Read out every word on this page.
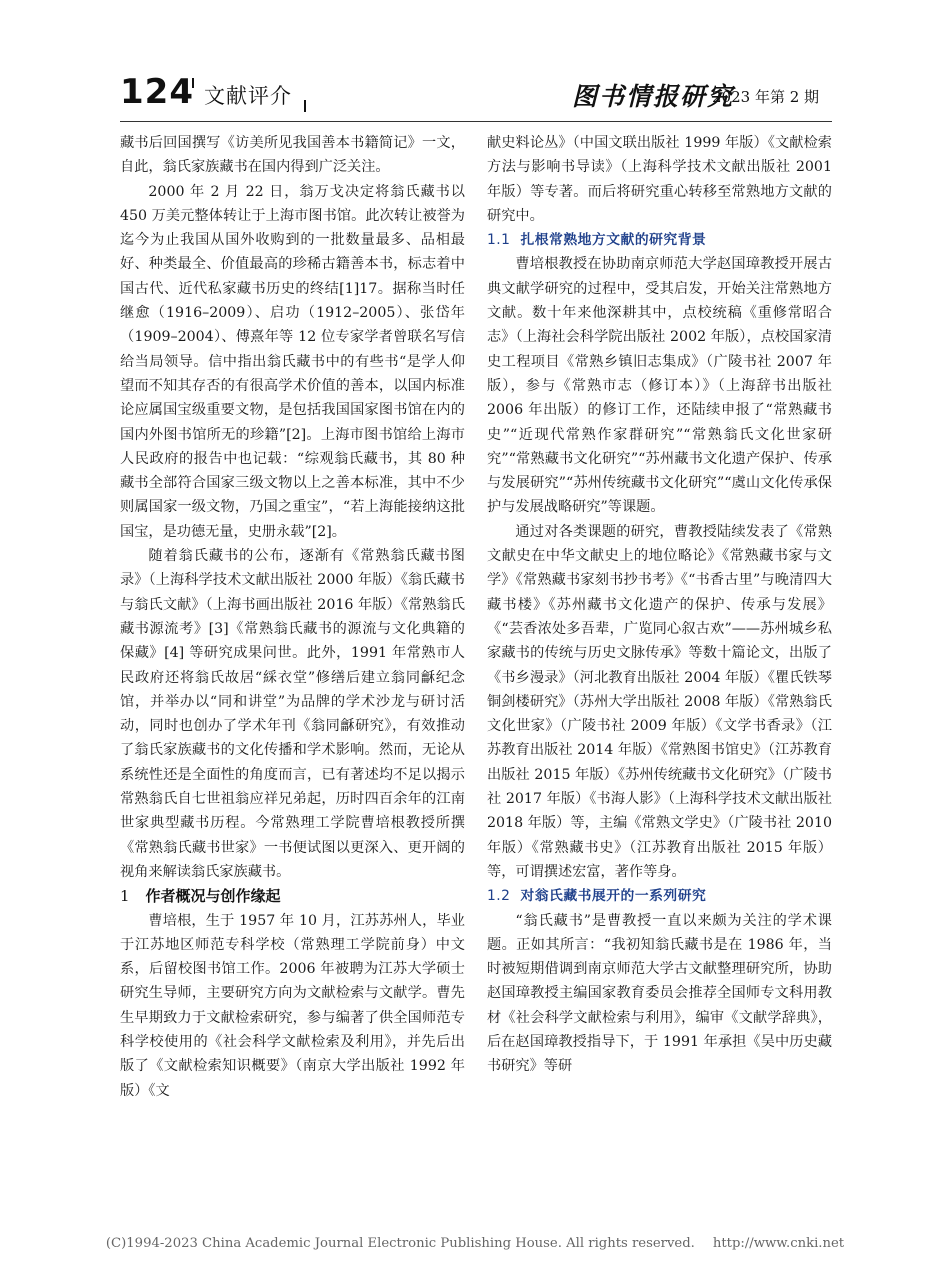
124 文献评介	图书情报研究
2023 年第 2 期

藏书后回国撰写《访美所见我国善本书籍简记》一文，自此，翁氏家族藏书在国内得到广泛关注。

2000 年 2 月 22 日，翁万戈决定将翁氏藏书以 450 万美元整体转让于上海市图书馆。此次转让被誉为迄今为止我国从国外收购到的一批数量最多、品相最好、种类最全、价值最高的珍稀古籍善本书，标志着中国古代、近代私家藏书历史的终结[1]17。据称当时任继愈（1916–2009）、启功（1912–2005）、张岱年（1909–2004）、傅熹年等 12 位专家学者曾联名写信给当局领导。信中指出翁氏藏书中的有些书“是学人仰望而不知其存否的有很高学术价值的善本，以国内标准论应属国宝级重要文物，是包括我国国家图书馆在内的国内外图书馆所无的珍籍”[2]。上海市图书馆给上海市人民政府的报告中也记载：“综观翁氏藏书，其 80 种藏书全部符合国家三级文物以上之善本标准，其中不少则属国家一级文物，乃国之重宝”，“若上海能接纳这批国宝，是功德无量，史册永载”[2]。

随着翁氏藏书的公布，逐渐有《常熟翁氏藏书图录》（上海科学技术文献出版社 2000 年版）《翁氏藏书与翁氏文献》（上海书画出版社 2016 年版）《常熟翁氏藏书源流考》[3]《常熟翁氏藏书的源流与文化典籍的保藏》[4] 等研究成果问世。此外，1991 年常熟市人民政府还将翁氏故居“綵衣堂”修缮后建立翁同龢纪念馆，并举办以“同和讲堂”为品牌的学术沙龙与研讨活动，同时也创办了学术年刊《翁同龢研究》，有效推动了翁氏家族藏书的文化传播和学术影响。然而，无论从系统性还是全面性的角度而言，已有著述均不足以揭示常熟翁氏自七世祖翁应祥兄弟起，历时四百余年的江南世家典型藏书历程。今常熟理工学院曹培根教授所撰《常熟翁氏藏书世家》一书便试图以更深入、更开阔的视角来解读翁氏家族藏书。

1 作者概况与创作缘起

曹培根，生于 1957 年 10 月，江苏苏州人，毕业于江苏地区师范专科学校（常熟理工学院前身）中文系，后留校图书馆工作。2006 年被聘为江苏大学硕士研究生导师，主要研究方向为文献检索与文献学。曹先生早期致力于文献检索研究，参与编著了供全国师范专科学校使用的《社会科学文献检索及利用》，并先后出版了《文献检索知识概要》（南京大学出版社 1992 年版）《文

献史料论丛》（中国文联出版社 1999 年版）《文献检索方法与影响书导读》（上海科学技术文献出版社 2001 年版）等专著。而后将研究重心转移至常熟地方文献的研究中。

1.1 扎根常熟地方文献的研究背景

曹培根教授在协助南京师范大学赵国璋教授开展古典文献学研究的过程中，受其启发，开始关注常熟地方文献。数十年来他深耕其中，点校统稿《重修常昭合志》（上海社会科学院出版社 2002 年版），点校国家清史工程项目《常熟乡镇旧志集成》（广陵书社 2007 年版），参与《常熟市志（修订本）》（上海辞书出版社 2006 年出版）的修订工作，还陆续申报了“常熟藏书史”“近现代常熟作家群研究”“常熟翁氏文化世家研究”“常熟藏书文化研究”“苏州藏书文化遗产保护、传承与发展研究”“苏州传统藏书文化研究”“虞山文化传承保护与发展战略研究”等课题。

通过对各类课题的研究，曹教授陆续发表了《常熟文献史在中华文献史上的地位略论》《常熟藏书家与文学》《常熟藏书家刻书抄书考》《“书香古里”与晚清四大藏书楼》《苏州藏书文化遗产的保护、传承与发展》《“芸香浓处多吾辈，广览同心叙古欢”——苏州城乡私家藏书的传统与历史文脉传承》等数十篇论文，出版了《书乡漫录》（河北教育出版社 2004 年版）《瞿氏铁琴铜剑楼研究》（苏州大学出版社 2008 年版）《常熟翁氏文化世家》（广陵书社 2009 年版）《文学书香录》（江苏教育出版社 2014 年版）《常熟图书馆史》（江苏教育出版社 2015 年版）《苏州传统藏书文化研究》（广陵书社 2017 年版）《书海人影》（上海科学技术文献出版社 2018 年版）等，主编《常熟文学史》（广陵书社 2010 年版）《常熟藏书史》（江苏教育出版社 2015 年版）等，可谓撰述宏富，著作等身。

1.2 对翁氏藏书展开的一系列研究

“翁氏藏书”是曹教授一直以来颇为关注的学术课题。正如其所言：“我初知翁氏藏书是在 1986 年，当时被短期借调到南京师范大学古文献整理研究所，协助赵国璋教授主编国家教育委员会推荐全国师专文科用教材《社会科学文献检索与利用》，编审《文献学辞典》，后在赵国璋教授指导下，于 1991 年承担《吴中历史藏书研究》等研

(C)1994-2023 China Academic Journal Electronic Publishing House. All rights reserved. http://www.cnki.net
